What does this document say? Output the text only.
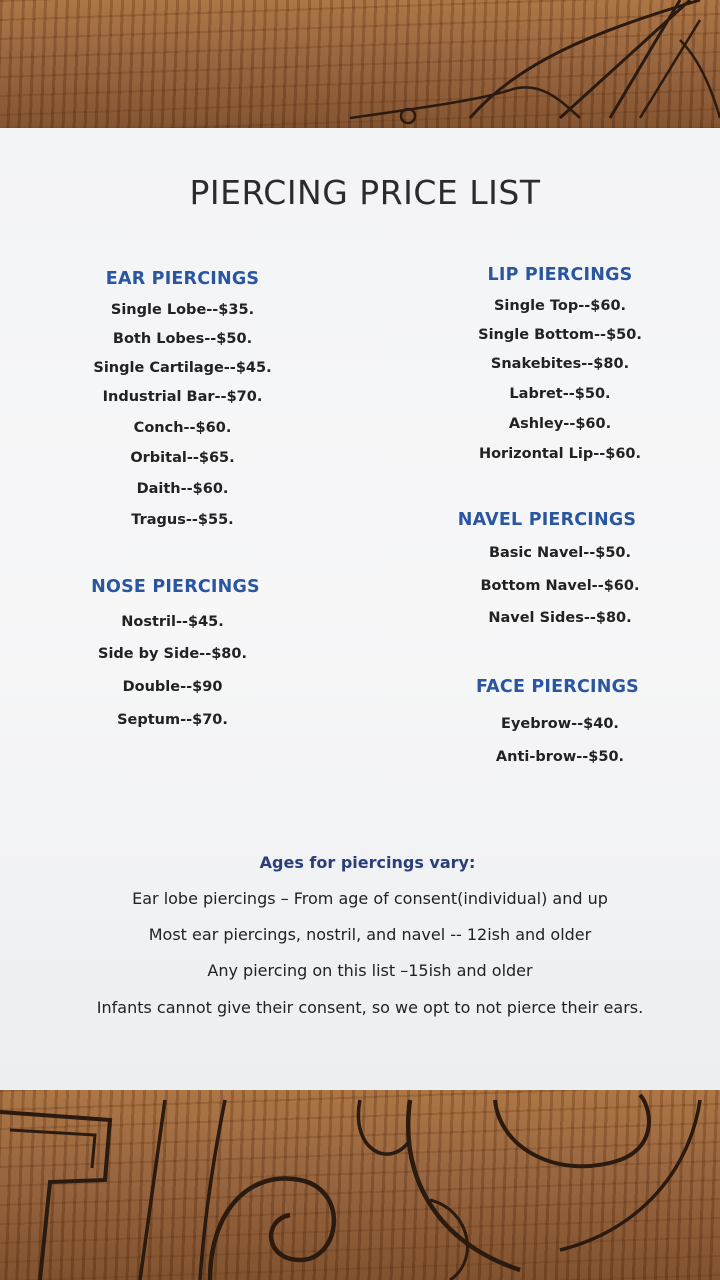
PIERCING PRICE LIST
EAR PIERCINGS
Single Lobe--$35.
Both Lobes--$50.
Single Cartilage--$45.
Industrial Bar--$70.
Conch--$60.
Orbital--$65.
Daith--$60.
Tragus--$55.
NOSE PIERCINGS
Nostril--$45.
Side by Side--$80.
Double--$90
Septum--$70.
LIP PIERCINGS
Single Top--$60.
Single Bottom--$50.
Snakebites--$80.
Labret--$50.
Ashley--$60.
Horizontal Lip--$60.
NAVEL PIERCINGS
Basic Navel--$50.
Bottom Navel--$60.
Navel Sides--$80.
FACE PIERCINGS
Eyebrow--$40.
Anti-brow--$50.
Ages for piercings vary:
Ear lobe piercings – From age of consent(individual) and up
Most ear piercings, nostril, and navel -- 12ish and older
Any piercing on this list –15ish and older
Infants cannot give their consent, so we opt to not pierce their ears.
